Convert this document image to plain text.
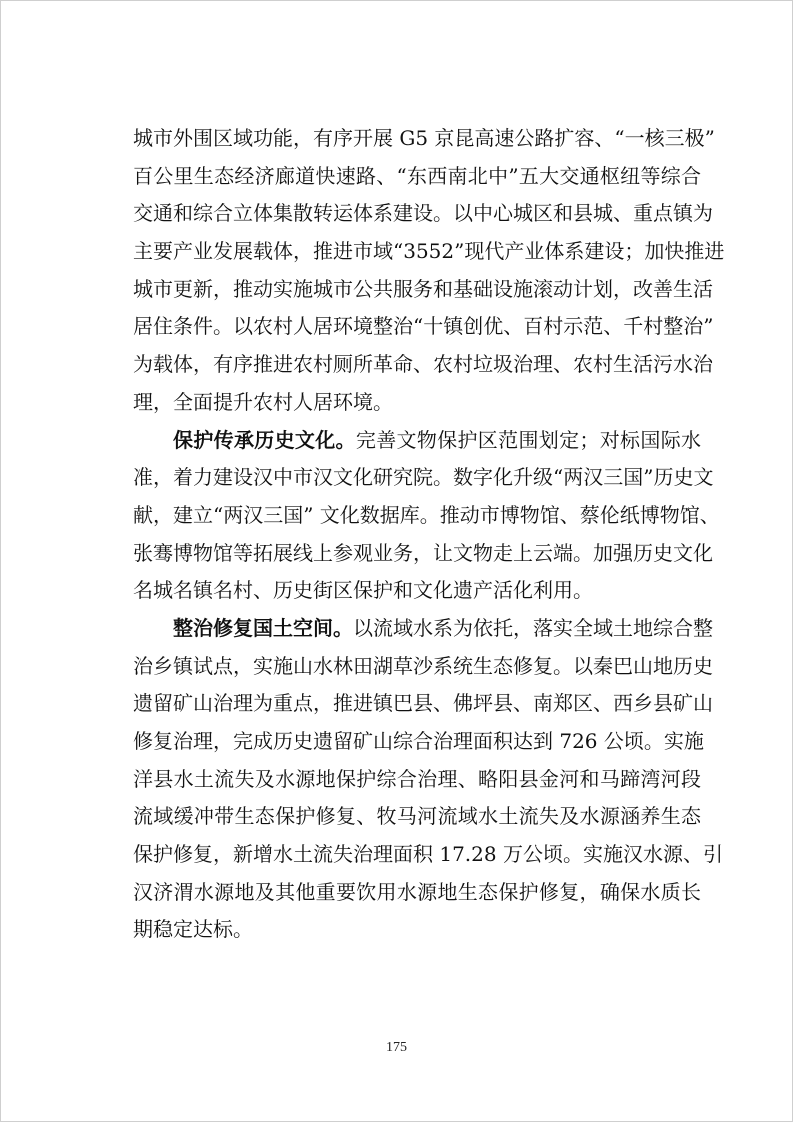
城市外围区域功能，有序开展 G5 京昆高速公路扩容、“一核三极”
百公里生态经济廊道快速路、“东西南北中”五大交通枢纽等综合
交通和综合立体集散转运体系建设。以中心城区和县城、重点镇为
主要产业发展载体，推进市域“3552”现代产业体系建设；加快推进
城市更新，推动实施城市公共服务和基础设施滚动计划，改善生活
居住条件。以农村人居环境整治“十镇创优、百村示范、千村整治”
为载体，有序推进农村厕所革命、农村垃圾治理、农村生活污水治
理，全面提升农村人居环境。
保护传承历史文化。完善文物保护区范围划定；对标国际水
准，着力建设汉中市汉文化研究院。数字化升级“两汉三国”历史文
献，建立“两汉三国” 文化数据库。推动市博物馆、蔡伦纸博物馆、
张骞博物馆等拓展线上参观业务，让文物走上云端。加强历史文化
名城名镇名村、历史街区保护和文化遗产活化利用。
整治修复国土空间。以流域水系为依托，落实全域土地综合整
治乡镇试点，实施山水林田湖草沙系统生态修复。以秦巴山地历史
遗留矿山治理为重点，推进镇巴县、佛坪县、南郑区、西乡县矿山
修复治理，完成历史遗留矿山综合治理面积达到 726 公顷。实施
洋县水土流失及水源地保护综合治理、略阳县金河和马蹄湾河段
流域缓冲带生态保护修复、牧马河流域水土流失及水源涵养生态
保护修复，新增水土流失治理面积 17.28 万公顷。实施汉水源、引
汉济渭水源地及其他重要饮用水源地生态保护修复，确保水质长
期稳定达标。
175
